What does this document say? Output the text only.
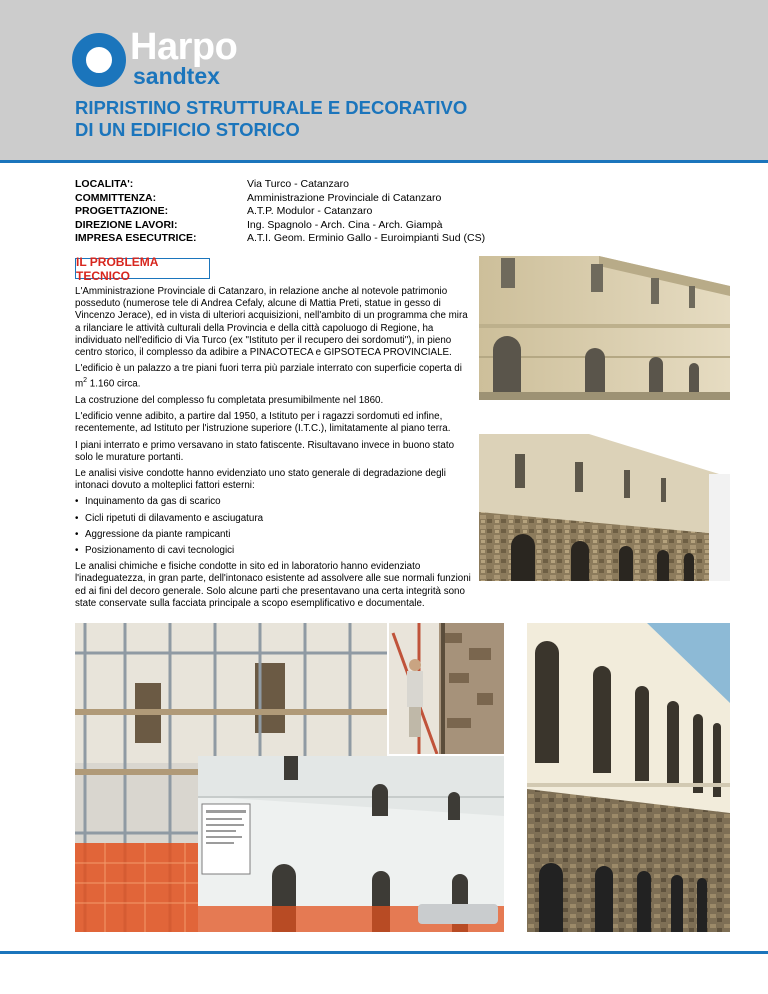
Harpo
sandtex
RIPRISTINO STRUTTURALE E DECORATIVO
DI UN EDIFICIO STORICO
LOCALITA':
COMMITTENZA:
PROGETTAZIONE:
DIREZIONE LAVORI:
IMPRESA ESECUTRICE:
Via Turco - Catanzaro
Amministrazione Provinciale di Catanzaro
A.T.P. Modulor - Catanzaro
Ing. Spagnolo - Arch. Cina - Arch. Giampà
A.T.I. Geom. Erminio Gallo - Euroimpianti Sud (CS)
IL PROBLEMA TECNICO

L'Amministrazione Provinciale di Catanzaro, in relazione anche al notevole patrimonio posseduto (numerose tele di Andrea Cefaly, alcune di Mattia Preti, statue in gesso di Vincenzo Jerace), ed in vista di ulteriori acquisizioni, nell'ambito di un programma che mira a rilanciare le attività culturali della Provincia e della città capoluogo di Regione, ha individuato nell'edificio di Via Turco (ex "Istituto per il recupero dei sordomuti"), in pieno centro storico, il complesso da adibire a PINACOTECA e GIPSOTECA PROVINCIALE.

L'edificio è un palazzo a tre piani fuori terra più parziale interrato con superficie coperta di $m^2$ 1.160 circa.

La costruzione del complesso fu completata presumibilmente nel 1860.

L'edificio venne adibito, a partire dal 1950, a Istituto per i ragazzi sordomuti ed infine, recentemente, ad Istituto per l'istruzione superiore (I.T.C.), limitatamente al piano terra.

I piani interrato e primo versavano in stato fatiscente. Risultavano invece in buono stato solo le murature portanti.

Le analisi visive condotte hanno evidenziato uno stato generale di degradazione degli intonaci dovuto a molteplici fattori esterni:

• Inquinamento da gas di scarico
• Cicli ripetuti di dilavamento e asciugatura
• Aggressione da piante rampicanti
• Posizionamento di cavi tecnologici

Le analisi chimiche e fisiche condotte in sito ed in laboratorio hanno evidenziato l'inadeguatezza, in gran parte, dell'intonaco esistente ad assolvere alle sue normali funzioni ed ai fini del decoro generale. Solo alcune parti che presentavano una certa integrità sono state conservate sulla facciata principale a scopo esemplificativo e documentale.
